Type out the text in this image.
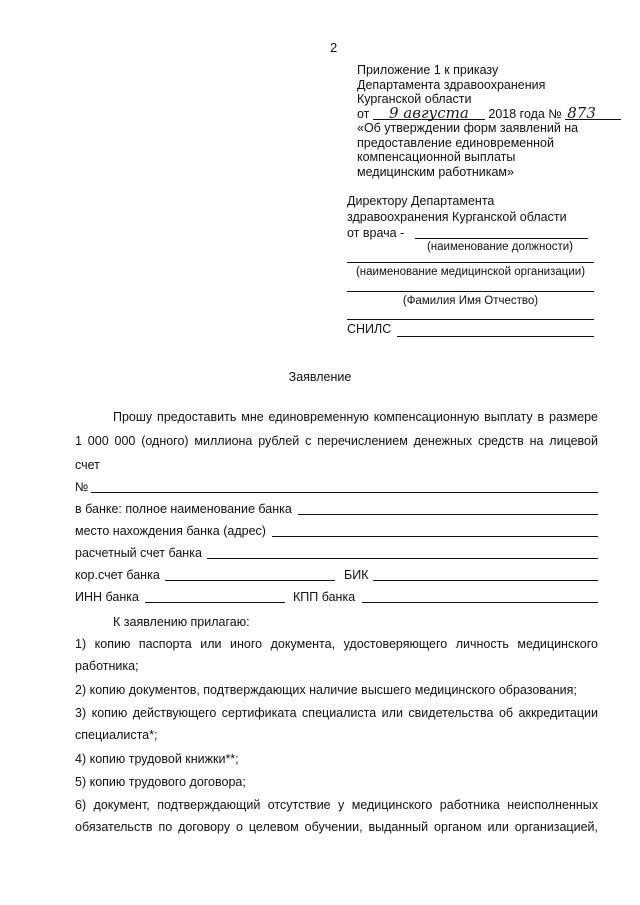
2
Приложение 1 к приказу
Департамента здравоохранения
Курганской области
от 9 августа 2018 года № 873
«Об утверждении форм заявлений на
предоставление единовременной
компенсационной выплаты
медицинским работникам»
Директору Департамента
здравоохранения Курганской области
от врача -
(наименование должности)
(наименование медицинской организации)
(Фамилия Имя Отчество)
СНИЛС
Заявление
Прошу предоставить мне единовременную компенсационную выплату в размере
1 000 000 (одного) миллиона рублей с перечислением денежных средств на лицевой
счет
№
в банке: полное наименование банка
место нахождения банка (адрес)
расчетный счет банка
кор.счет банка	БИК
ИНН банка	КПП банка
К заявлению прилагаю:
1) копию паспорта или иного документа, удостоверяющего личность медицинского
работника;
2) копию документов, подтверждающих наличие высшего медицинского образования;
3) копию действующего сертификата специалиста или свидетельства об аккредитации
специалиста*;
4) копию трудовой книжки**;
5) копию трудового договора;
6) документ, подтверждающий отсутствие у медицинского работника неисполненных
обязательств по договору о целевом обучении, выданный органом или организацией,
